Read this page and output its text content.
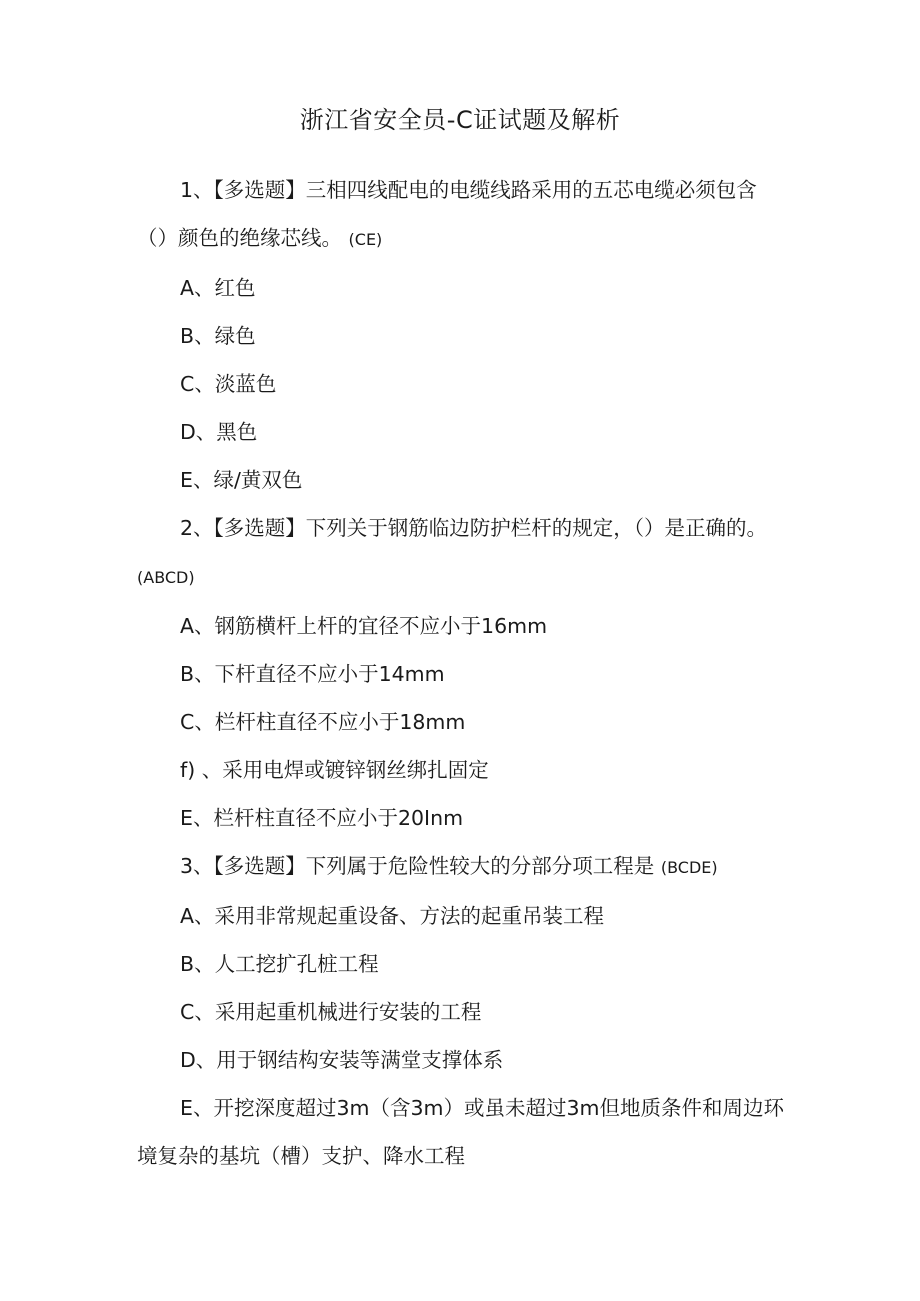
浙江省安全员-C证试题及解析

1、【多选题】三相四线配电的电缆线路采用的五芯电缆必须包含（）颜色的绝缘芯线。 (CE)

A、红色

B、绿色

C、淡蓝色

D、黑色

E、绿/黄双色

2、【多选题】下列关于钢筋临边防护栏杆的规定，（）是正确的。 (ABCD)

A、钢筋横杆上杆的宜径不应小于16mm

B、下杆直径不应小于14mm

C、栏杆柱直径不应小于18mm

f) 、采用电焊或镀锌钢丝绑扎固定

E、栏杆柱直径不应小于20Inm

3、【多选题】下列属于危险性较大的分部分项工程是 (BCDE)

A、采用非常规起重设备、方法的起重吊装工程

B、人工挖扩孔桩工程

C、采用起重机械进行安装的工程

D、用于钢结构安装等满堂支撑体系

E、开挖深度超过3m（含3m）或虽未超过3m但地质条件和周边环境复杂的基坑（槽）支护、降水工程
